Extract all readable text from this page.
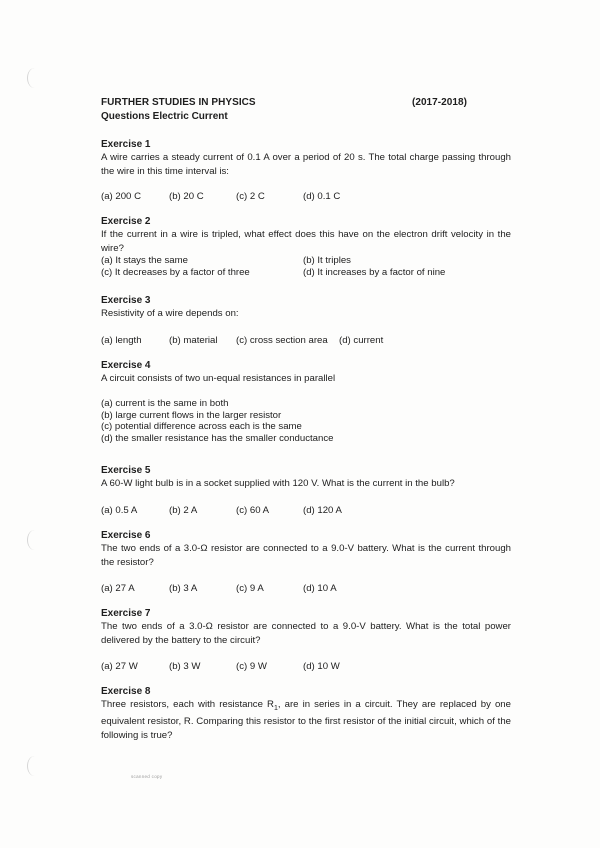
FURTHER STUDIES IN PHYSICS	(2017-2018)
Questions Electric Current
Exercise 1
A wire carries a steady current of 0.1 A over a period of 20 s. The total charge passing through the wire in this time interval is:
(a) 200 C	(b) 20 C	(c) 2 C	(d) 0.1 C
Exercise 2
If the current in a wire is tripled, what effect does this have on the electron drift velocity in the wire?
(a) It stays the same	(b) It triples
(c) It decreases by a factor of three	(d) It increases by a factor of nine
Exercise 3
Resistivity of a wire depends on:
(a) length	(b) material (c) cross section area (d) current
Exercise 4
A circuit consists of two un-equal resistances in parallel
(a) current is the same in both
(b) large current flows in the larger resistor
(c) potential difference across each is the same
(d) the smaller resistance has the smaller conductance
Exercise 5
A 60-W light bulb is in a socket supplied with 120 V. What is the current in the bulb?
(a) 0.5 A	(b) 2 A	(c) 60 A	(d) 120 A
Exercise 6
The two ends of a 3.0-Ω resistor are connected to a 9.0-V battery. What is the current through the resistor?
(a) 27 A	(b) 3 A	(c) 9 A	(d) 10 A
Exercise 7
The two ends of a 3.0-Ω resistor are connected to a 9.0-V battery. What is the total power delivered by the battery to the circuit?
(a) 27 W	(b) 3 W	(c) 9 W	(d) 10 W
Exercise 8
Three resistors, each with resistance $R_1$, are in series in a circuit. They are replaced by one equivalent resistor, R. Comparing this resistor to the first resistor of the initial circuit, which of the following is true?
scanned copy
